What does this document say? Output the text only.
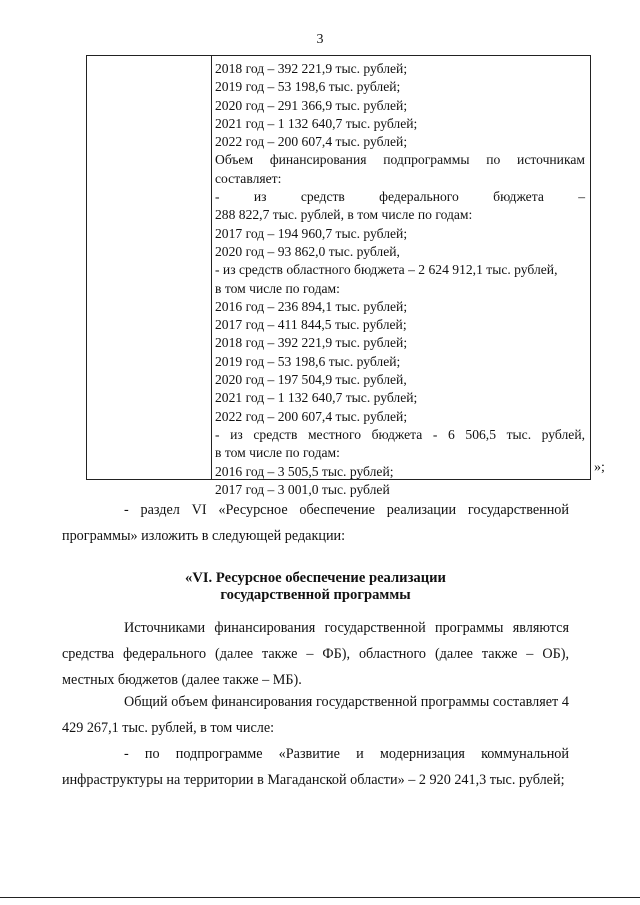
3
2018 год – 392 221,9 тыс. рублей;
2019 год – 53 198,6 тыс. рублей;
2020 год – 291 366,9 тыс. рублей;
2021 год – 1 132 640,7 тыс. рублей;
2022 год – 200 607,4 тыс. рублей;
Объем финансирования подпрограммы по источникам
составляет:
- из средств федерального бюджета –
288 822,7 тыс. рублей, в том числе по годам:
2017 год – 194 960,7 тыс. рублей;
2020 год – 93 862,0 тыс. рублей,
- из средств областного бюджета – 2 624 912,1 тыс. рублей,
в том числе по годам:
2016 год – 236 894,1 тыс. рублей;
2017 год – 411 844,5 тыс. рублей;
2018 год – 392 221,9 тыс. рублей;
2019 год – 53 198,6 тыс. рублей;
2020 год – 197 504,9 тыс. рублей,
2021 год – 1 132 640,7 тыс. рублей;
2022 год – 200 607,4 тыс. рублей;
- из средств местного бюджета - 6 506,5 тыс. рублей,
в том числе по годам:
2016 год – 3 505,5 тыс. рублей;
2017 год – 3 001,0 тыс. рублей
»;

- раздел VI «Ресурсное обеспечение реализации государственной программы» изложить в следующей редакции:

«VI. Ресурсное обеспечение реализации
государственной программы

Источниками финансирования государственной программы являются средства федерального (далее также – ФБ), областного (далее также – ОБ), местных бюджетов (далее также – МБ).

Общий объем финансирования государственной программы составляет 4 429 267,1 тыс. рублей, в том числе:

- по подпрограмме «Развитие и модернизация коммунальной инфраструктуры на территории в Магаданской области» – 2 920 241,3 тыс. рублей;
